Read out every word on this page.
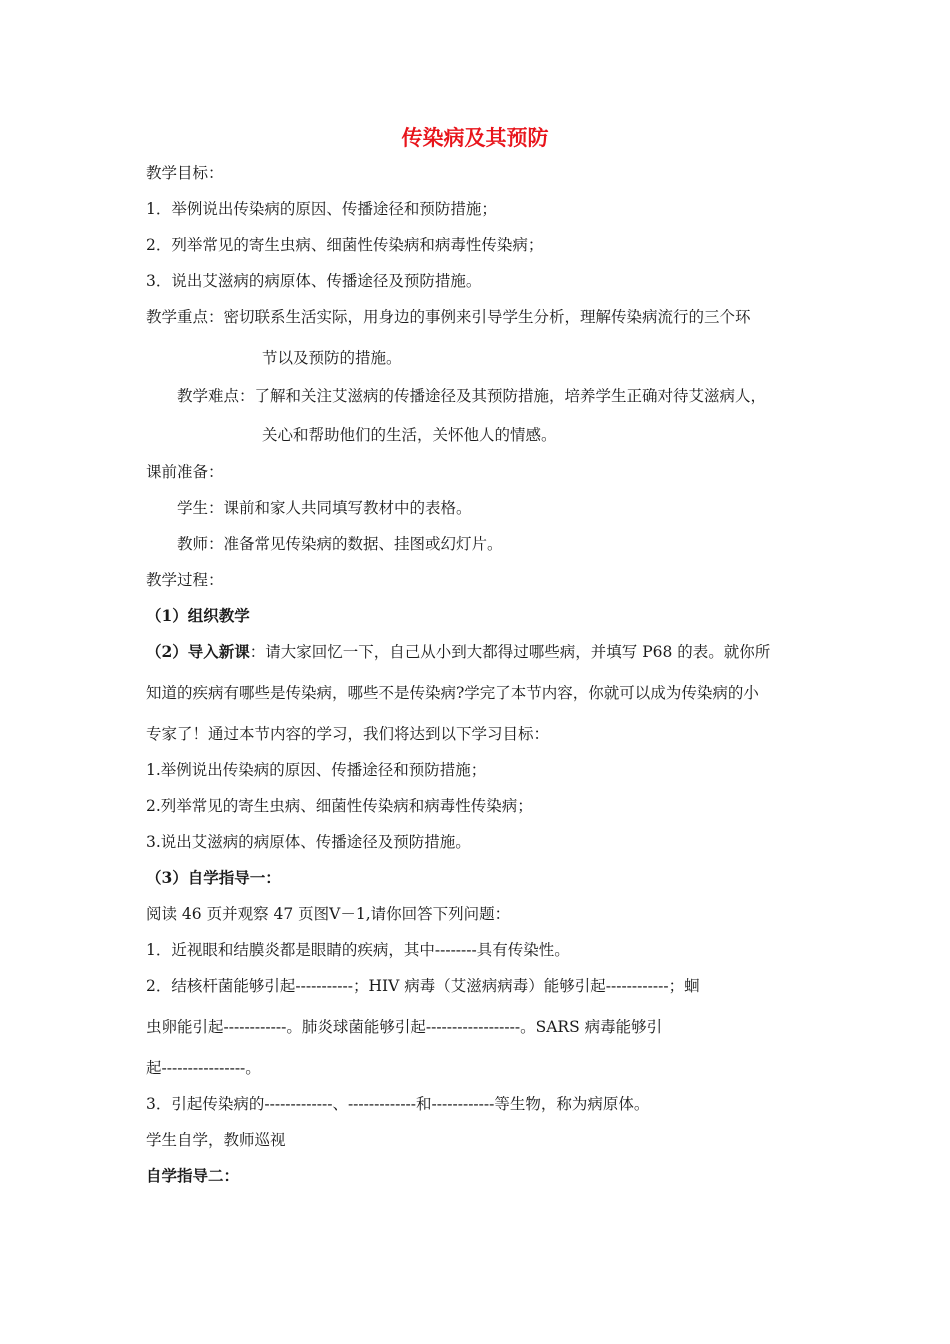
传染病及其预防
教学目标：
1．举例说出传染病的原因、传播途径和预防措施；
2．列举常见的寄生虫病、细菌性传染病和病毒性传染病；
3．说出艾滋病的病原体、传播途径及预防措施。
教学重点：密切联系生活实际，用身边的事例来引导学生分析，理解传染病流行的三个环
节以及预防的措施。
教学难点：了解和关注艾滋病的传播途径及其预防措施，培养学生正确对待艾滋病人，
关心和帮助他们的生活，关怀他人的情感。
课前准备：
学生：课前和家人共同填写教材中的表格。
教师：准备常见传染病的数据、挂图或幻灯片。
教学过程：
（1）组织教学
（2）导入新课：请大家回忆一下，自己从小到大都得过哪些病，并填写 P68 的表。就你所
知道的疾病有哪些是传染病，哪些不是传染病?学完了本节内容，你就可以成为传染病的小
专家了！通过本节内容的学习，我们将达到以下学习目标：
1.举例说出传染病的原因、传播途径和预防措施；
2.列举常见的寄生虫病、细菌性传染病和病毒性传染病；
3.说出艾滋病的病原体、传播途径及预防措施。
（3）自学指导一：
阅读 46 页并观察 47 页图Ⅴ－1,请你回答下列问题：
1．近视眼和结膜炎都是眼睛的疾病，其中--------具有传染性。
2．结核杆菌能够引起-----------；HIV 病毒（艾滋病病毒）能够引起------------；蛔
虫卵能引起------------。肺炎球菌能够引起------------------。SARS 病毒能够引
起----------------。
3．引起传染病的-------------、-------------和------------等生物，称为病原体。
学生自学，教师巡视
自学指导二：
